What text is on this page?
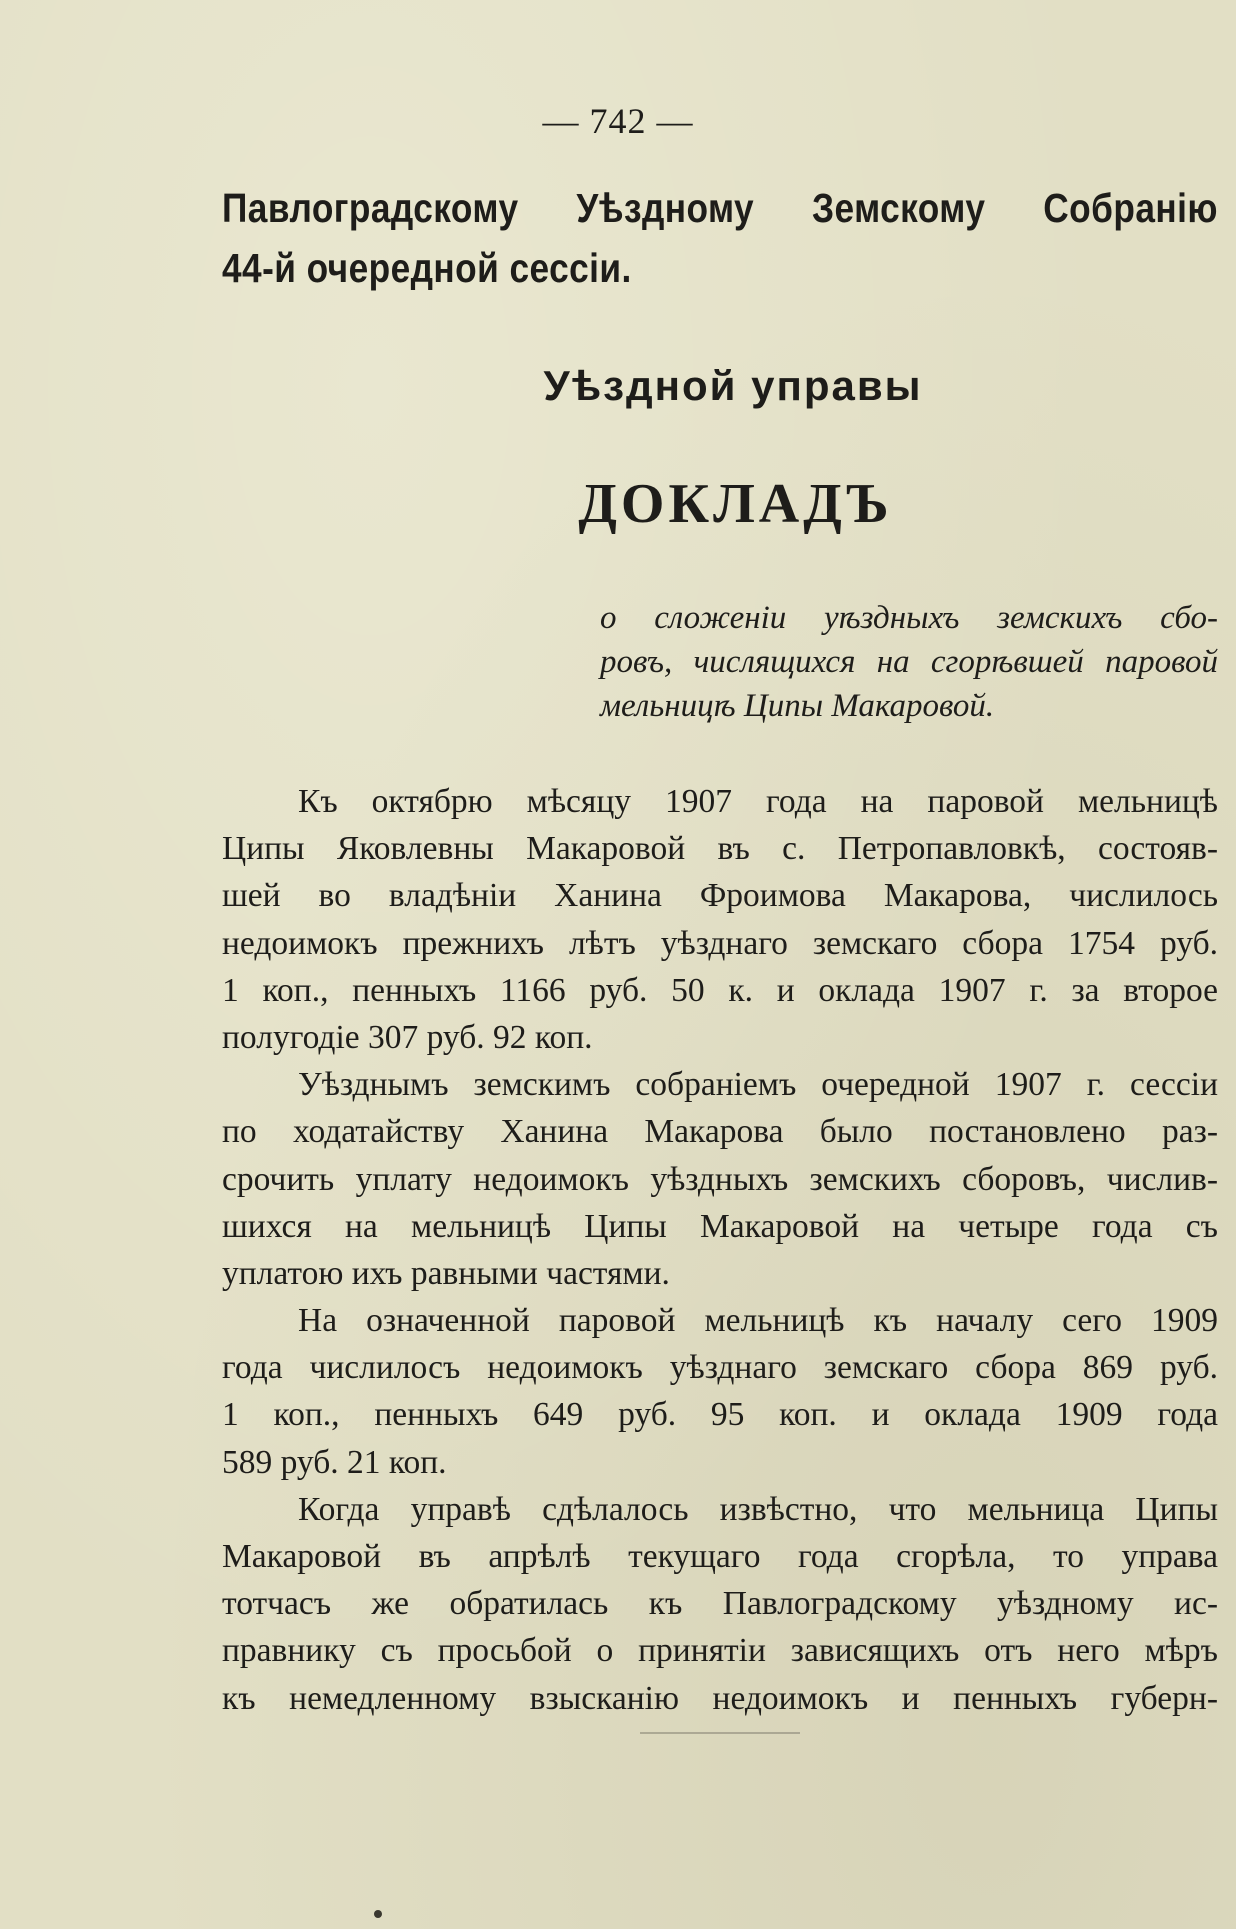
— 742 —
Павлоградскому Уѣздному Земскому Собранію
44-й очередной сессіи.
Уѣздной управы
ДОКЛАДЪ
о сложеніи уѣздныхъ земскихъ сбо-
ровъ, числящихся на сгорѣвшей паровой
мельницѣ Ципы Макаровой.
Къ октябрю мѣсяцу 1907 года на паровой мельницѣ
Ципы Яковлевны Макаровой въ с. Петропавловкѣ, состояв-
шей во владѣніи Ханина Фроимова Макарова, числилось
недоимокъ прежнихъ лѣтъ уѣзднаго земскаго сбора 1754 руб.
1 коп., пенныхъ 1166 руб. 50 к. и оклада 1907 г. за второе
полугодіе 307 руб. 92 коп.
Уѣзднымъ земскимъ собраніемъ очередной 1907 г. сессіи
по ходатайству Ханина Макарова было постановлено раз-
срочить уплату недоимокъ уѣздныхъ земскихъ сборовъ, числив-
шихся на мельницѣ Ципы Макаровой на четыре года съ
уплатою ихъ равными частями.
На означенной паровой мельницѣ къ началу сего 1909
года числилосъ недоимокъ уѣзднаго земскаго сбора 869 руб.
1 коп., пенныхъ 649 руб. 95 коп. и оклада 1909 года
589 руб. 21 коп.
Когда управѣ сдѣлалось извѣстно, что мельница Ципы
Макаровой въ апрѣлѣ текущаго года сгорѣла, то управа
тотчасъ же обратилась къ Павлоградскому уѣздному ис-
правнику съ просьбой о принятіи зависящихъ отъ него мѣръ
къ немедленному взысканію недоимокъ и пенныхъ губерн-
